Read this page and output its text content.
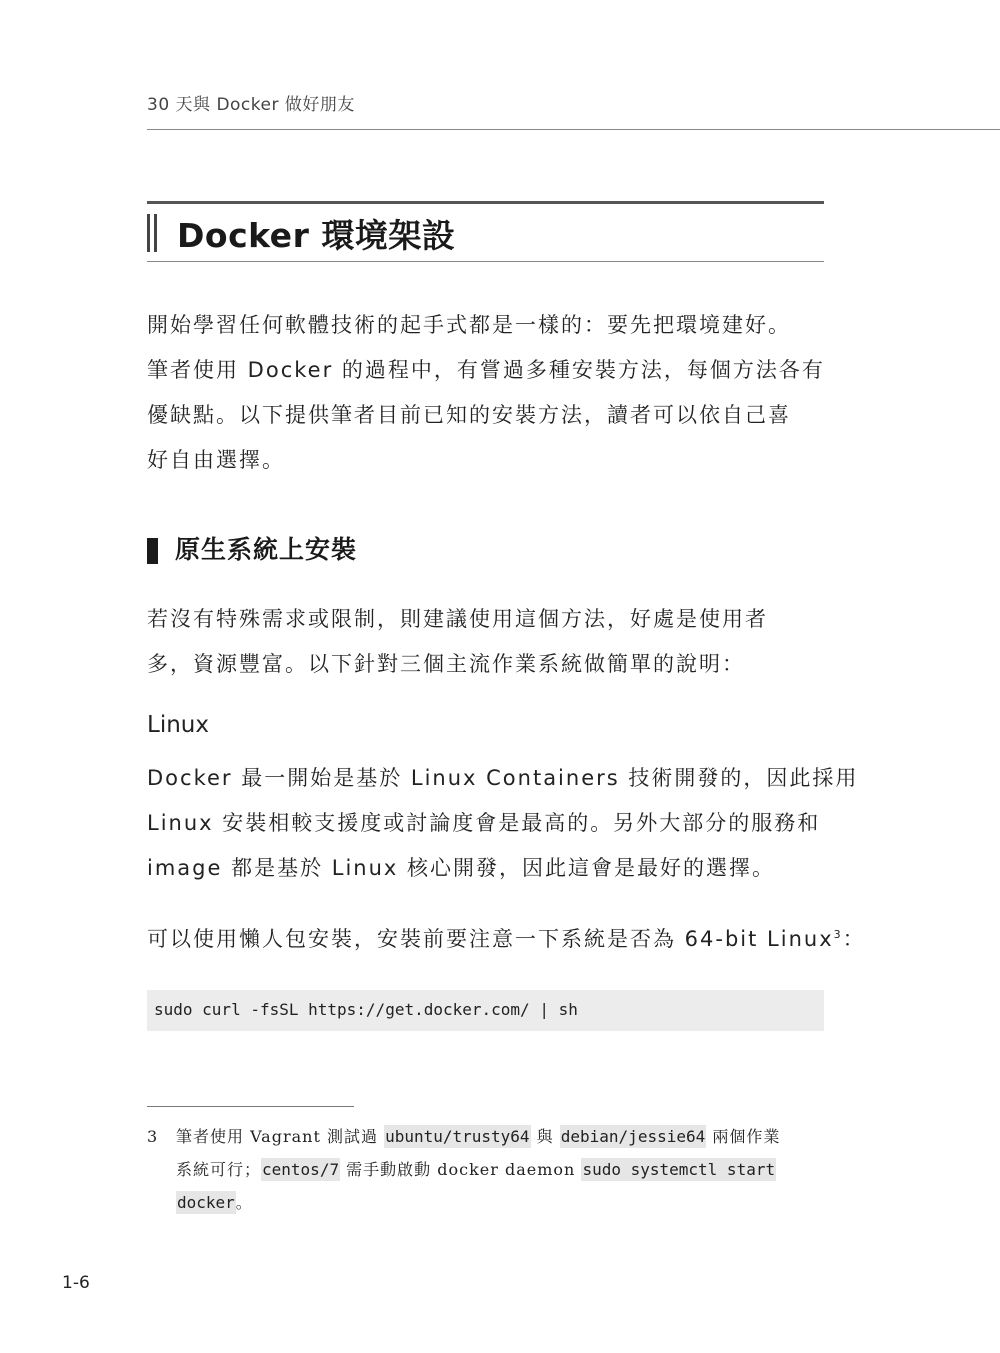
30 天與 Docker 做好朋友
Docker 環境架設

開始學習任何軟體技術的起手式都是一樣的：要先把環境建好。
筆者使用 Docker 的過程中，有嘗過多種安裝方法，每個方法各有
優缺點。以下提供筆者目前已知的安裝方法，讀者可以依自己喜
好自由選擇。

原生系統上安裝

若沒有特殊需求或限制，則建議使用這個方法，好處是使用者
多，資源豐富。以下針對三個主流作業系統做簡單的說明：

Linux

Docker 最一開始是基於 Linux Containers 技術開發的，因此採用
Linux 安裝相較支援度或討論度會是最高的。另外大部分的服務和
image 都是基於 Linux 核心開發，因此這會是最好的選擇。

可以使用懶人包安裝，安裝前要注意一下系統是否為 64-bit Linux$^3$：

sudo curl -fsSL https://get.docker.com/ | sh
3 筆者使用 Vagrant 測試過 ubuntu/trusty64 與 debian/jessie64 兩個作業
系統可行；centos/7 需手動啟動 docker daemon sudo systemctl start
docker。
1-6
